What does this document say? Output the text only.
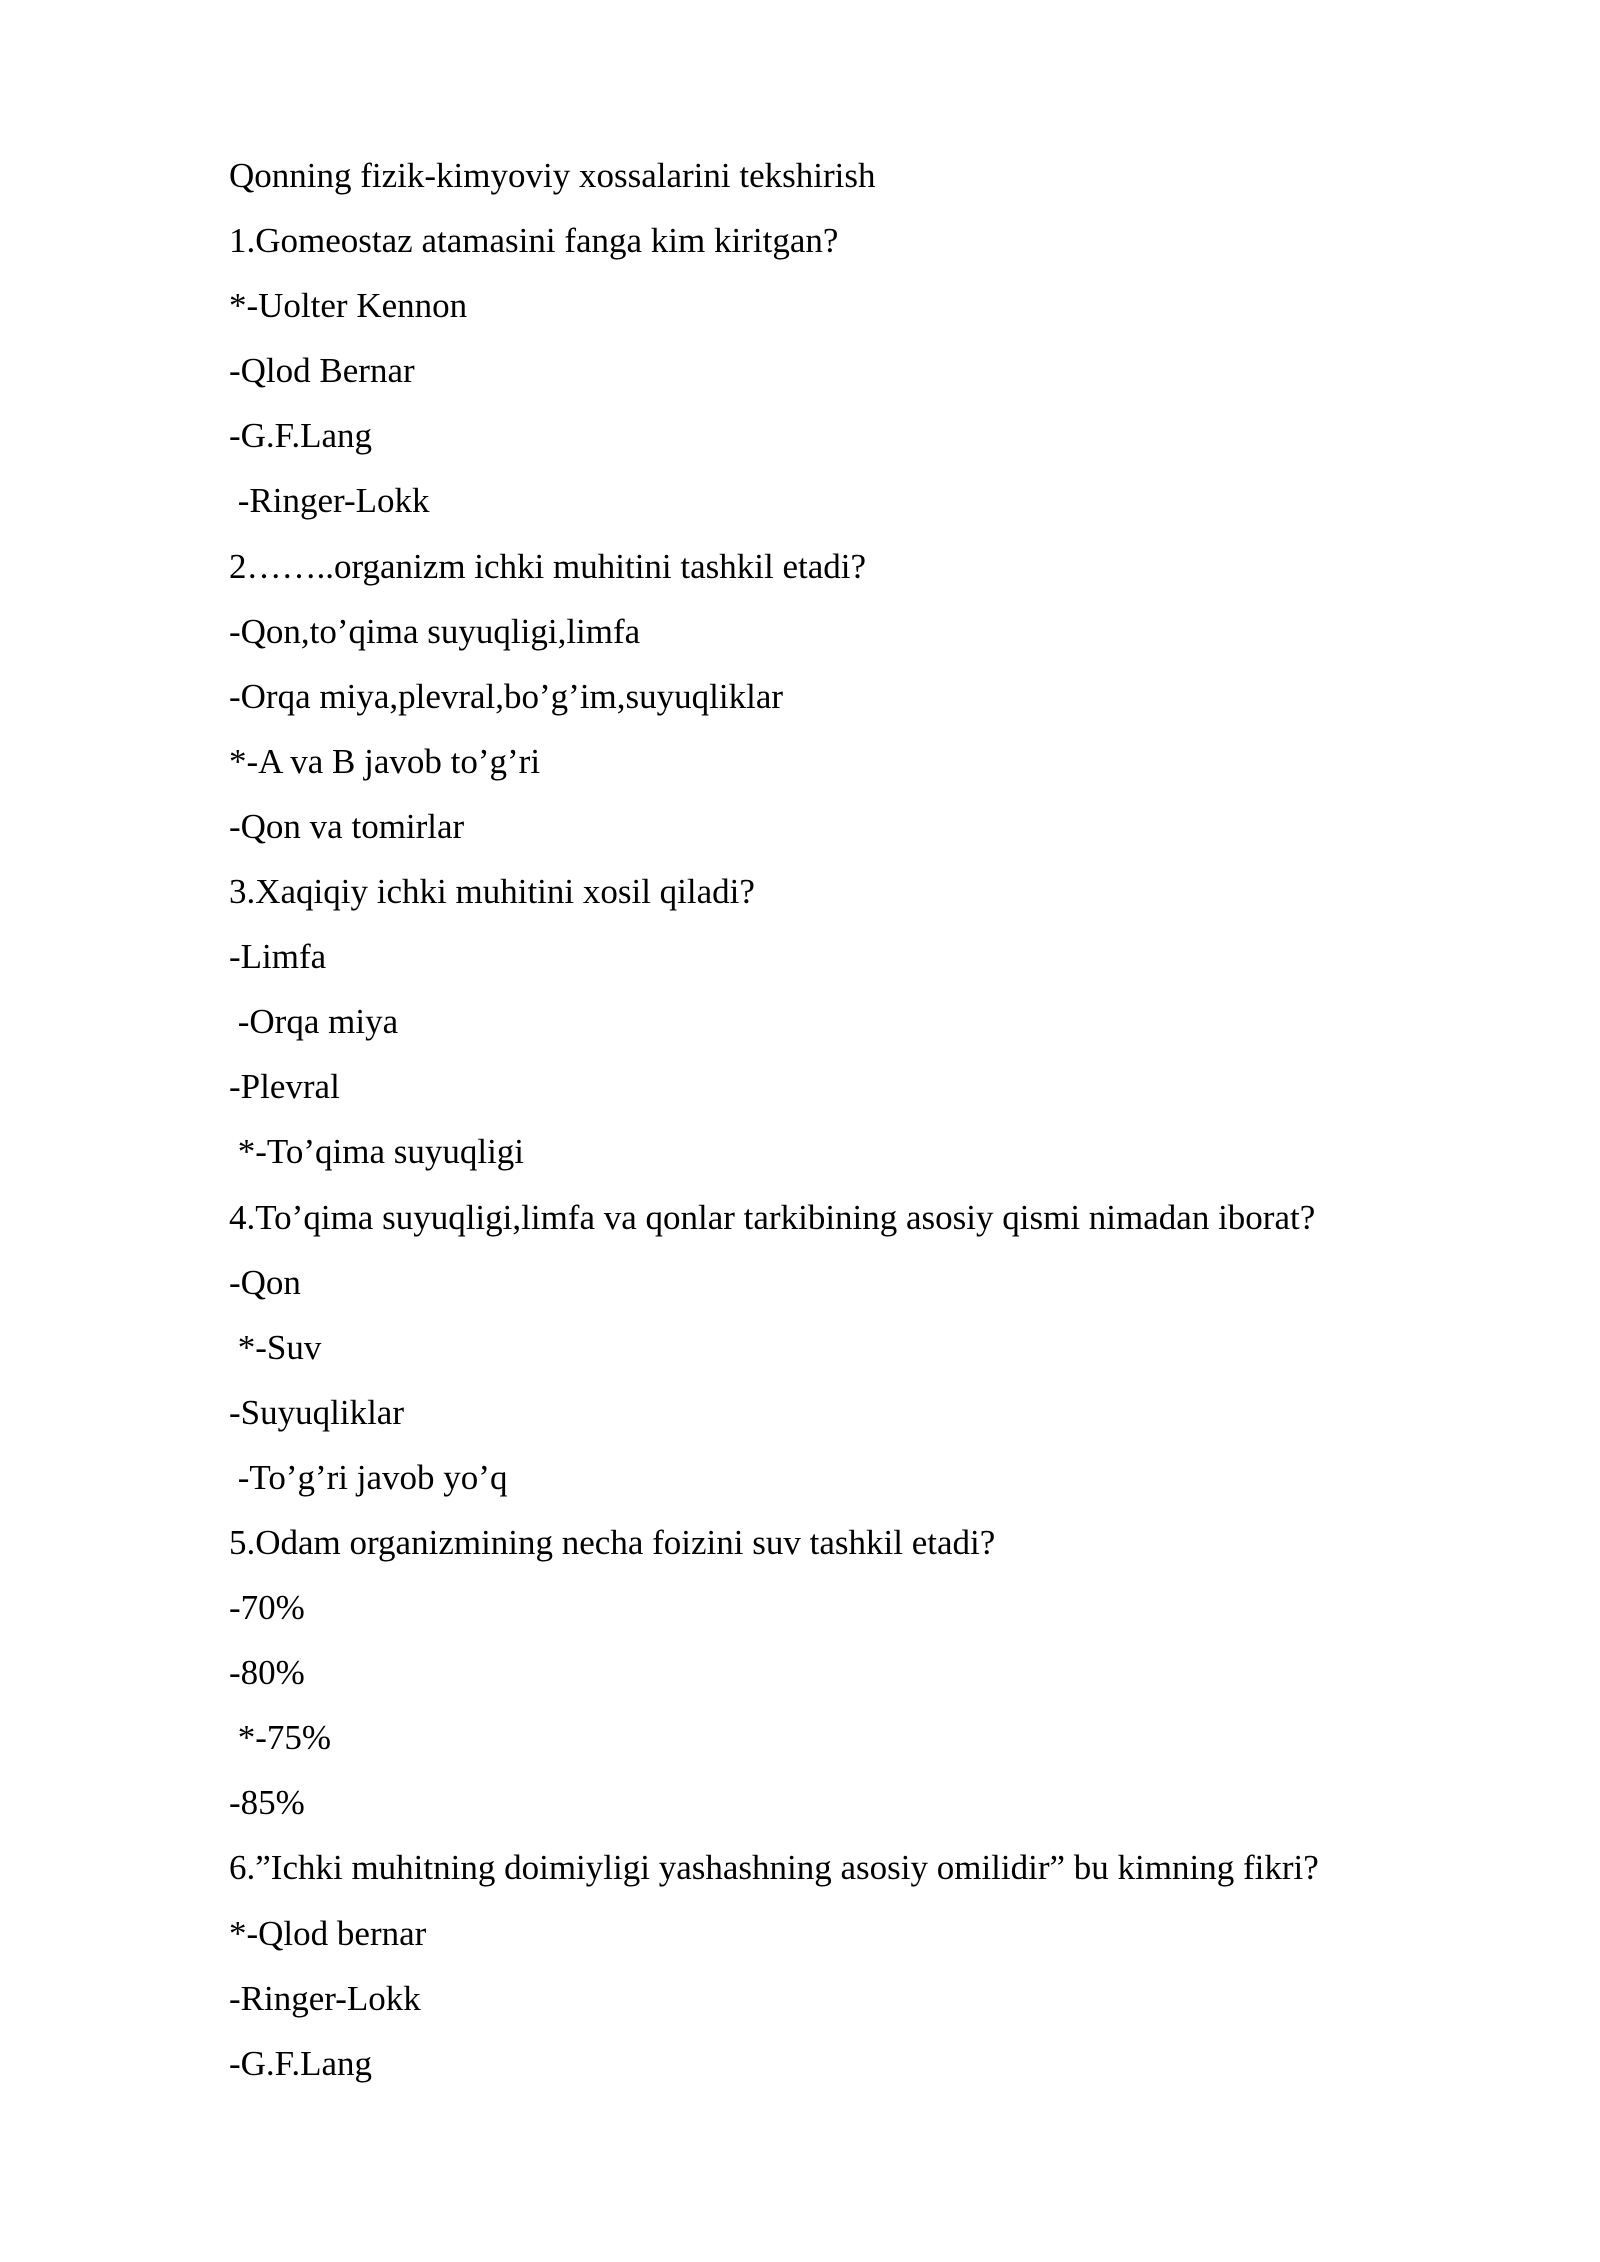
Qonning fizik-kimyoviy xossalarini tekshirish

1.Gomeostaz atamasini fanga kim kiritgan?

*-Uolter Kennon

-Qlod Bernar

-G.F.Lang

-Ringer-Lokk

2……..organizm ichki muhitini tashkil etadi?

-Qon,to’qima suyuqligi,limfa

-Orqa miya,plevral,bo’g’im,suyuqliklar

*-A va B javob to’g’ri

-Qon va tomirlar

3.Xaqiqiy ichki muhitini xosil qiladi?

-Limfa

-Orqa miya

-Plevral

*-To’qima suyuqligi

4.To’qima suyuqligi,limfa va qonlar tarkibining asosiy qismi nimadan iborat?

-Qon

*-Suv

-Suyuqliklar

-To’g’ri javob yo’q

5.Odam organizmining necha foizini suv tashkil etadi?

-70%

-80%

*-75%

-85%

6.”Ichki muhitning doimiyligi yashashning asosiy omilidir” bu kimning fikri?

*-Qlod bernar

-Ringer-Lokk

-G.F.Lang
